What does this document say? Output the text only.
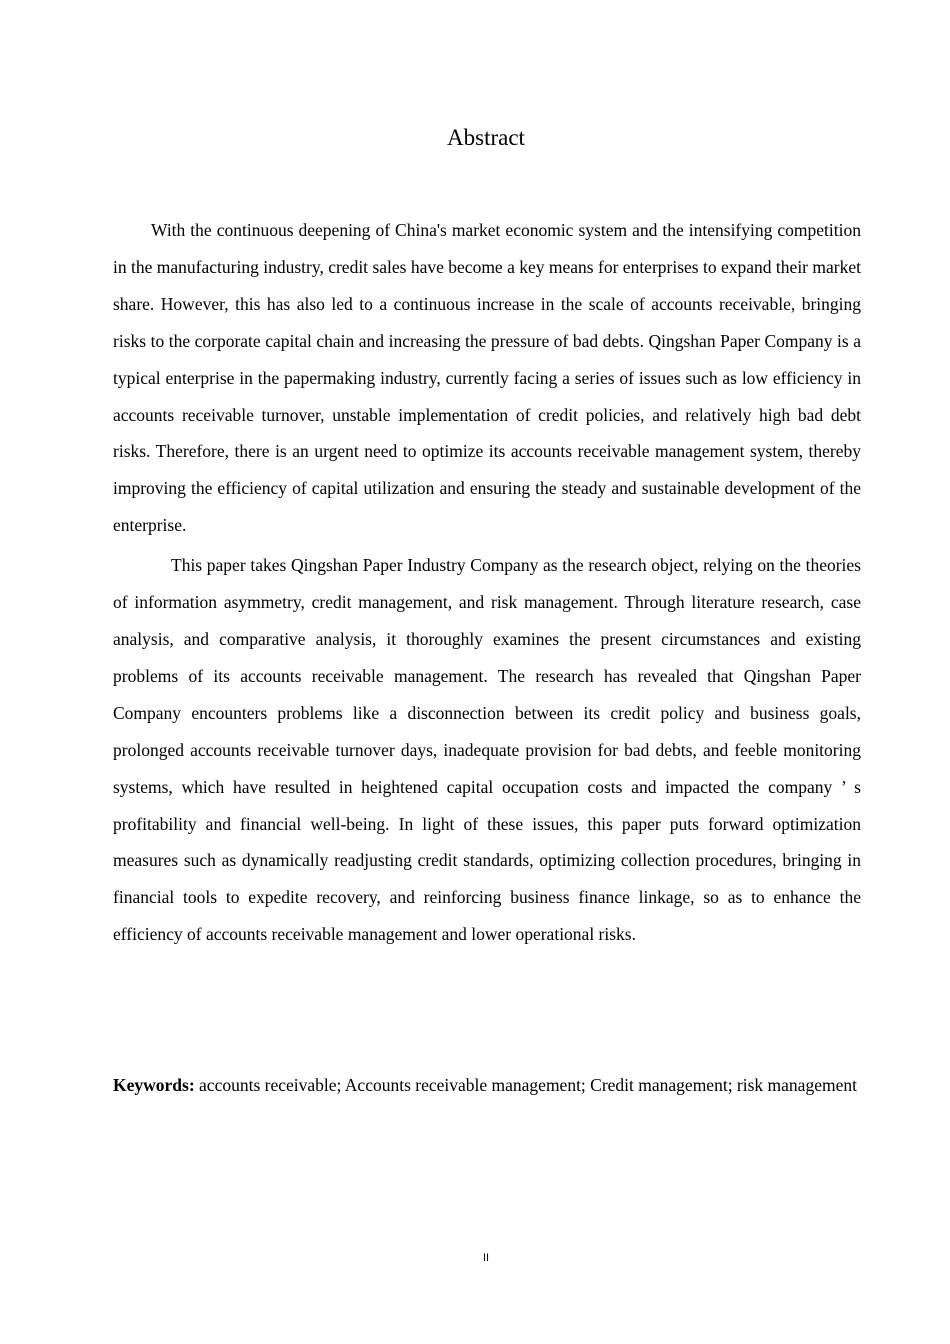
Abstract

With the continuous deepening of China's market economic system and the intensifying competition in the manufacturing industry, credit sales have become a key means for enterprises to expand their market share. However, this has also led to a continuous increase in the scale of accounts receivable, bringing risks to the corporate capital chain and increasing the pressure of bad debts. Qingshan Paper Company is a typical enterprise in the papermaking industry, currently facing a series of issues such as low efficiency in accounts receivable turnover, unstable implementation of credit policies, and relatively high bad debt risks. Therefore, there is an urgent need to optimize its accounts receivable management system, thereby improving the efficiency of capital utilization and ensuring the steady and sustainable development of the enterprise.

This paper takes Qingshan Paper Industry Company as the research object, relying on the theories of information asymmetry, credit management, and risk management. Through literature research, case analysis, and comparative analysis, it thoroughly examines the present circumstances and existing problems of its accounts receivable management. The research has revealed that Qingshan Paper Company encounters problems like a disconnection between its credit policy and business goals, prolonged accounts receivable turnover days, inadequate provision for bad debts, and feeble monitoring systems, which have resulted in heightened capital occupation costs and impacted the company ’ s profitability and financial well-being. In light of these issues, this paper puts forward optimization measures such as dynamically readjusting credit standards, optimizing collection procedures, bringing in financial tools to expedite recovery, and reinforcing business finance linkage, so as to enhance the efficiency of accounts receivable management and lower operational risks.

Keywords: accounts receivable; Accounts receivable management; Credit management; risk management

II
